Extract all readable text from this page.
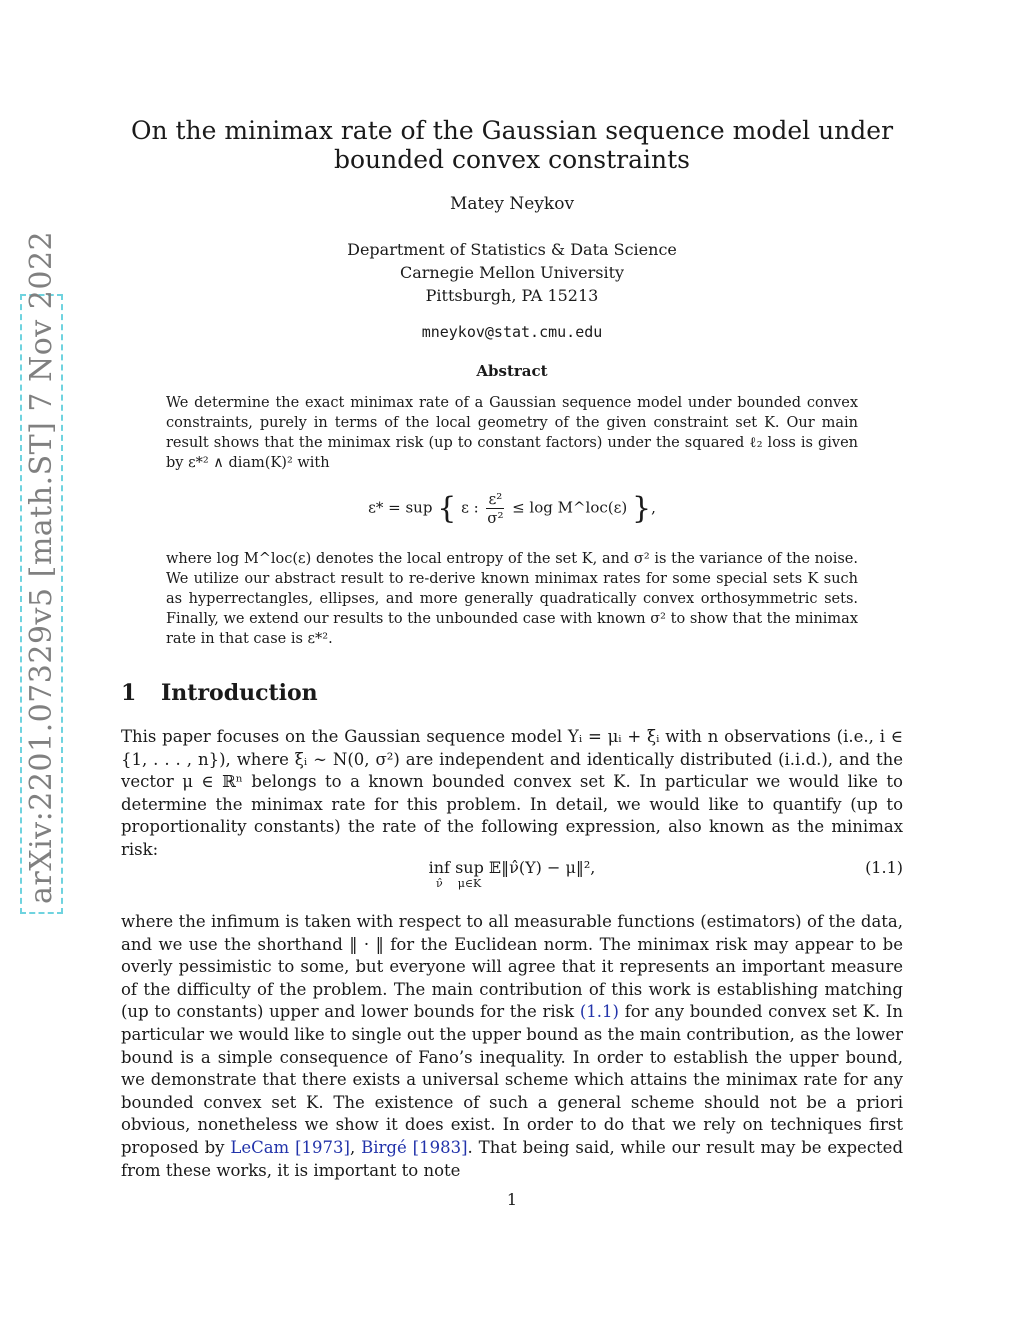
arXiv:2201.07329v5 [math.ST] 7 Nov 2022
On the minimax rate of the Gaussian sequence model under
bounded convex constraints
Matey Neykov
Department of Statistics & Data Science
Carnegie Mellon University
Pittsburgh, PA 15213
mneykov@stat.cmu.edu
Abstract
We determine the exact minimax rate of a Gaussian sequence model under bounded convex constraints, purely in terms of the local geometry of the given constraint set K. Our main result shows that the minimax risk (up to constant factors) under the squared ℓ₂ loss is given by ε*² ∧ diam(K)² with
ε* = sup { ε : $\frac{\text{ε²}}{\text{σ²}} \le \log$ M^loc(ε) },
where log M^loc(ε) denotes the local entropy of the set K, and σ² is the variance of the noise. We utilize our abstract result to re-derive known minimax rates for some special sets K such as hyperrectangles, ellipses, and more generally quadratically convex orthosymmetric sets. Finally, we extend our results to the unbounded case with known σ² to show that the minimax rate in that case is ε*².
1 Introduction
This paper focuses on the Gaussian sequence model Yᵢ = μᵢ + ξᵢ with n observations (i.e., i ∈ {1, . . . , n}), where ξᵢ ∼ N(0, σ²) are independent and identically distributed (i.i.d.), and the vector μ ∈ ℝⁿ belongs to a known bounded convex set K. In particular we would like to determine the minimax rate for this problem. In detail, we would like to quantify (up to proportionality constants) the rate of the following expression, also known as the minimax risk:
inf
ν̂

sup
μ∈K
𝔼‖ν̂(Y) − μ‖²,	(1.1)
where the infimum is taken with respect to all measurable functions (estimators) of the data, and we use the shorthand ‖ · ‖ for the Euclidean norm. The minimax risk may appear to be overly pessimistic to some, but everyone will agree that it represents an important measure of the difficulty of the problem. The main contribution of this work is establishing matching (up to constants) upper and lower bounds for the risk (1.1) for any bounded convex set K. In particular we would like to single out the upper bound as the main contribution, as the lower bound is a simple consequence of Fano’s inequality. In order to establish the upper bound, we demonstrate that there exists a universal scheme which attains the minimax rate for any bounded convex set K. The existence of such a general scheme should not be a priori obvious, nonetheless we show it does exist. In order to do that we rely on techniques first proposed by LeCam [1973], Birgé [1983]. That being said, while our result may be expected from these works, it is important to note
1
